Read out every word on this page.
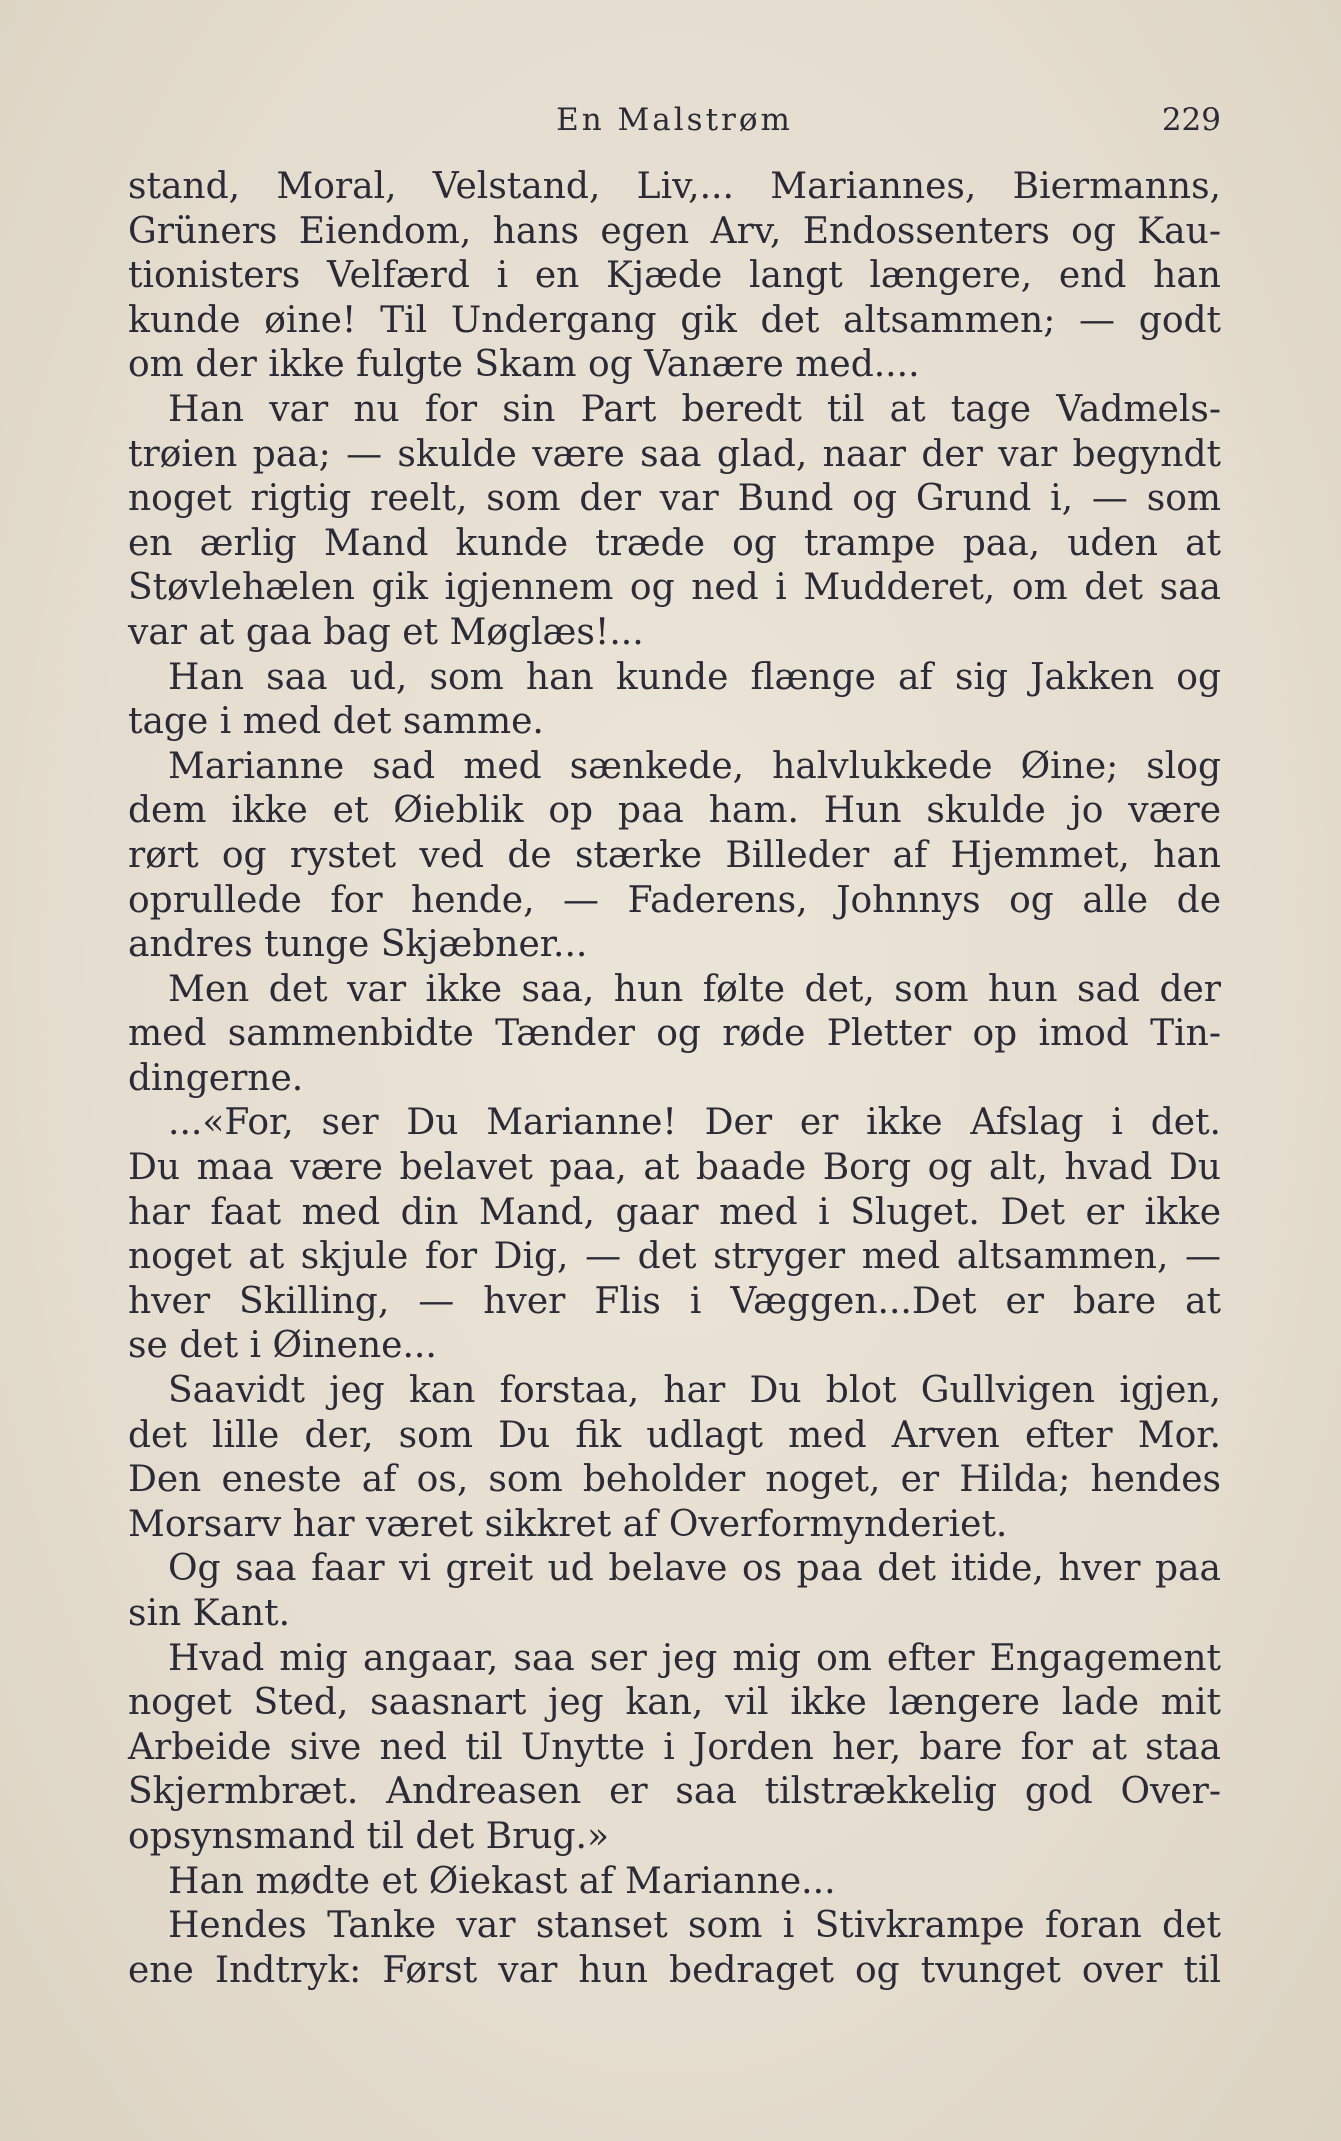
En Malstrøm	229
stand, Moral, Velstand, Liv,... Mariannes, Biermanns,
Grüners Eiendom, hans egen Arv, Endossenters og Kau-
tionisters Velfærd i en Kjæde langt længere, end han
kunde øine! Til Undergang gik det altsammen; — godt
om der ikke fulgte Skam og Vanære med....
Han var nu for sin Part beredt til at tage Vadmels-
trøien paa; — skulde være saa glad, naar der var begyndt
noget rigtig reelt, som der var Bund og Grund i, — som
en ærlig Mand kunde træde og trampe paa, uden at
Støvlehælen gik igjennem og ned i Mudderet, om det saa
var at gaa bag et Møglæs!...
Han saa ud, som han kunde flænge af sig Jakken og
tage i med det samme.
Marianne sad med sænkede, halvlukkede Øine; slog
dem ikke et Øieblik op paa ham. Hun skulde jo være
rørt og rystet ved de stærke Billeder af Hjemmet, han
oprullede for hende, — Faderens, Johnnys og alle de
andres tunge Skjæbner...
Men det var ikke saa, hun følte det, som hun sad der
med sammenbidte Tænder og røde Pletter op imod Tin-
dingerne.
...«For, ser Du Marianne! Der er ikke Afslag i det.
Du maa være belavet paa, at baade Borg og alt, hvad Du
har faat med din Mand, gaar med i Sluget. Det er ikke
noget at skjule for Dig, — det stryger med altsammen, —
hver Skilling, — hver Flis i Væggen...Det er bare at
se det i Øinene...
Saavidt jeg kan forstaa, har Du blot Gullvigen igjen,
det lille der, som Du fik udlagt med Arven efter Mor.
Den eneste af os, som beholder noget, er Hilda; hendes
Morsarv har været sikkret af Overformynderiet.
Og saa faar vi greit ud belave os paa det itide, hver paa
sin Kant.
Hvad mig angaar, saa ser jeg mig om efter Engagement
noget Sted, saasnart jeg kan, vil ikke længere lade mit
Arbeide sive ned til Unytte i Jorden her, bare for at staa
Skjermbræt. Andreasen er saa tilstrækkelig god Over-
opsynsmand til det Brug.»
Han mødte et Øiekast af Marianne...
Hendes Tanke var stanset som i Stivkrampe foran det
ene Indtryk: Først var hun bedraget og tvunget over til
